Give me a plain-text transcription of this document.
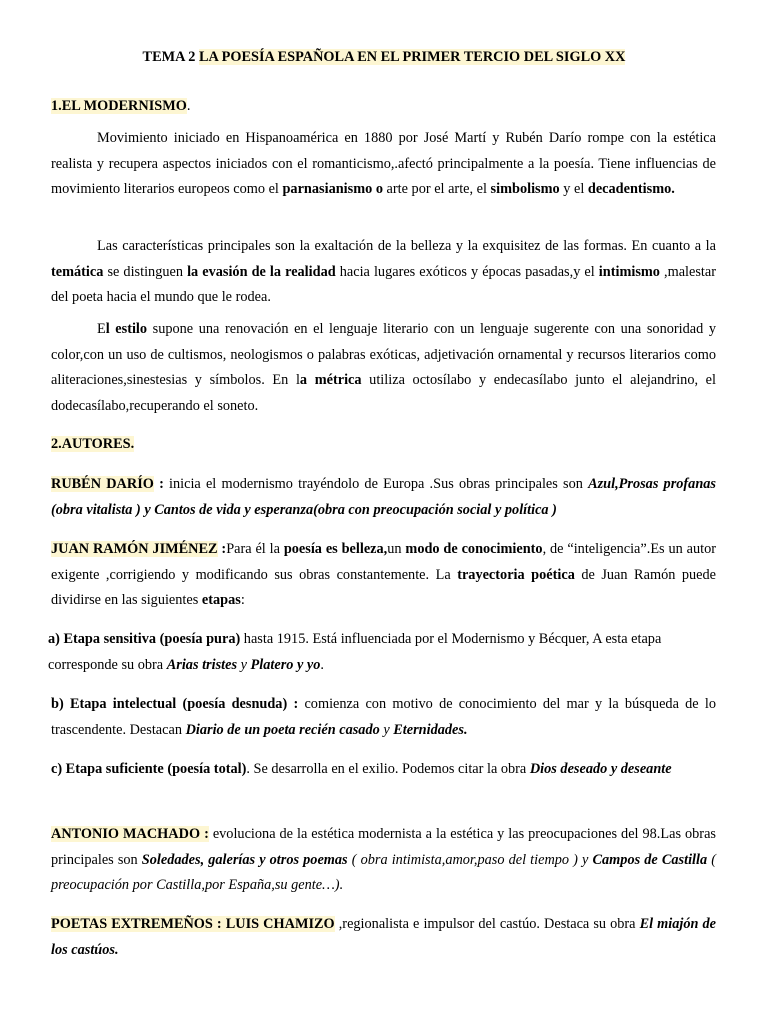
TEMA 2 LA POESÍA ESPAÑOLA EN EL PRIMER TERCIO DEL SIGLO XX
1.EL MODERNISMO.

Movimiento iniciado en Hispanoamérica en 1880 por José Martí y Rubén Darío rompe con la estética realista y recupera aspectos iniciados con el romanticismo,.afectó principalmente a la poesía. Tiene influencias de movimiento literarios europeos como el parnasianismo o arte por el arte, el simbolismo y el decadentismo.

Las características principales son la exaltación de la belleza y la exquisitez de las formas. En cuanto a la temática se distinguen la evasión de la realidad hacia lugares exóticos y épocas pasadas,y el intimismo ,malestar del poeta hacia el mundo que le rodea.

El estilo supone una renovación en el lenguaje literario con un lenguaje sugerente con una sonoridad y color,con un uso de cultismos, neologismos o palabras exóticas, adjetivación ornamental y recursos literarios como aliteraciones,sinestesias y símbolos. En la métrica utiliza octosílabo y endecasílabo junto el alejandrino, el dodecasílabo,recuperando el soneto.

2.AUTORES.

RUBÉN DARÍO : inicia el modernismo trayéndolo de Europa .Sus obras principales son Azul,Prosas profanas (obra vitalista ) y Cantos de vida y esperanza(obra con preocupación social y política )

JUAN RAMÓN JIMÉNEZ :Para él la poesía es belleza,un modo de conocimiento, de “inteligencia”.Es un autor exigente ,corrigiendo y modificando sus obras constantemente. La trayectoria poética de Juan Ramón puede dividirse en las siguientes etapas:

a) Etapa sensitiva (poesía pura) hasta 1915. Está influenciada por el Modernismo y Bécquer, A esta etapa corresponde su obra Arias tristes y Platero y yo.

b) Etapa intelectual (poesía desnuda) : comienza con motivo de conocimiento del mar y la búsqueda de lo trascendente. Destacan Diario de un poeta recién casado y Eternidades.

c) Etapa suficiente (poesía total). Se desarrolla en el exilio. Podemos citar la obra Dios deseado y deseante

ANTONIO MACHADO : evoluciona de la estética modernista a la estética y las preocupaciones del 98.Las obras principales son Soledades, galerías y otros poemas ( obra intimista,amor,paso del tiempo ) y Campos de Castilla ( preocupación por Castilla,por España,su gente…).

POETAS EXTREMEÑOS : LUIS CHAMIZO ,regionalista e impulsor del castúo. Destaca su obra El miajón de los castúos.
